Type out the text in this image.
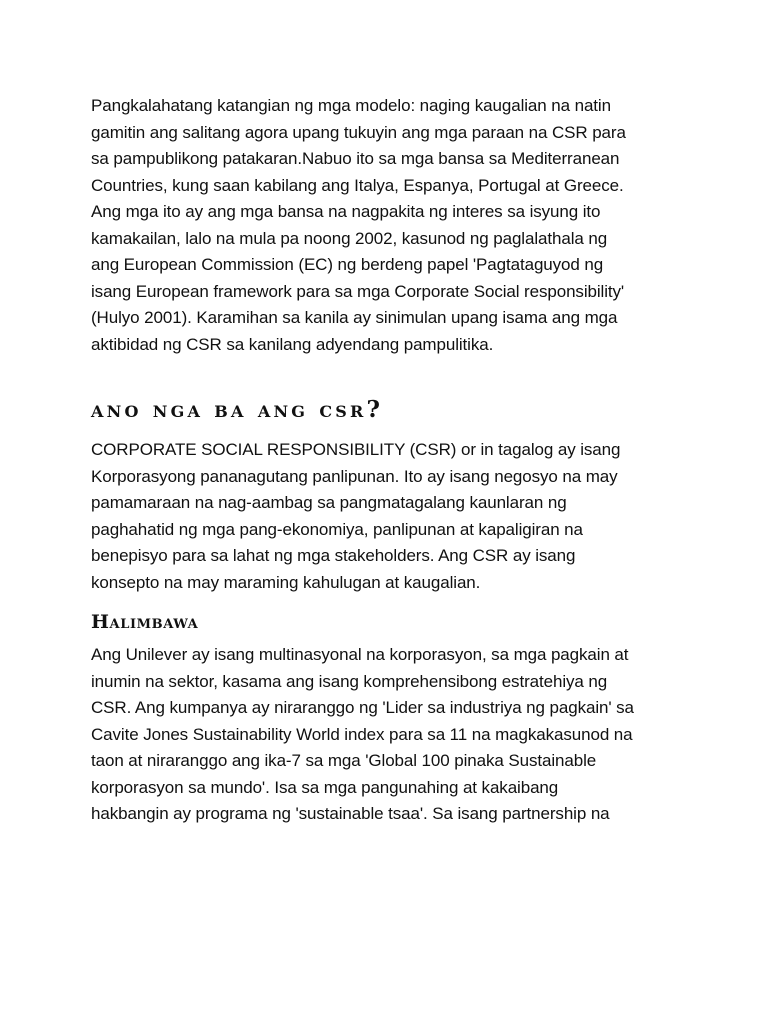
Pangkalahatang katangian ng mga modelo: naging kaugalian na natin
gamitin ang salitang agora upang tukuyin ang mga paraan na CSR para
sa pampublikong patakaran.Nabuo ito sa mga bansa sa Mediterranean
Countries, kung saan kabilang ang Italya, Espanya, Portugal at Greece.
Ang mga ito ay ang mga bansa na nagpakita ng interes sa isyung ito
kamakailan, lalo na mula pa noong 2002, kasunod ng paglalathala ng
ang European Commission (EC) ng berdeng papel 'Pagtataguyod ng
isang European framework para sa mga Corporate Social responsibility'
(Hulyo 2001). Karamihan sa kanila ay sinimulan upang isama ang mga
aktibidad ng CSR sa kanilang adyendang pampulitika.

ano nga ba ang csr?

CORPORATE SOCIAL RESPONSIBILITY (CSR) or in tagalog ay isang
Korporasyong pananagutang panlipunan. Ito ay isang negosyo na may
pamamaraan na nag-aambag sa pangmatagalang kaunlaran ng
paghahatid ng mga pang-ekonomiya, panlipunan at kapaligiran na
benepisyo para sa lahat ng mga stakeholders. Ang CSR ay isang
konsepto na may maraming kahulugan at kaugalian.

Halimbawa

Ang Unilever ay isang multinasyonal na korporasyon, sa mga pagkain at
inumin na sektor, kasama ang isang komprehensibong estratehiya ng
CSR. Ang kumpanya ay niraranggo ng 'Lider sa industriya ng pagkain' sa
Cavite Jones Sustainability World index para sa 11 na magkakasunod na
taon at niraranggo ang ika-7 sa mga 'Global 100 pinaka Sustainable
korporasyon sa mundo'. Isa sa mga pangunahing at kakaibang
hakbangin ay programa ng 'sustainable tsaa'. Sa isang partnership na
